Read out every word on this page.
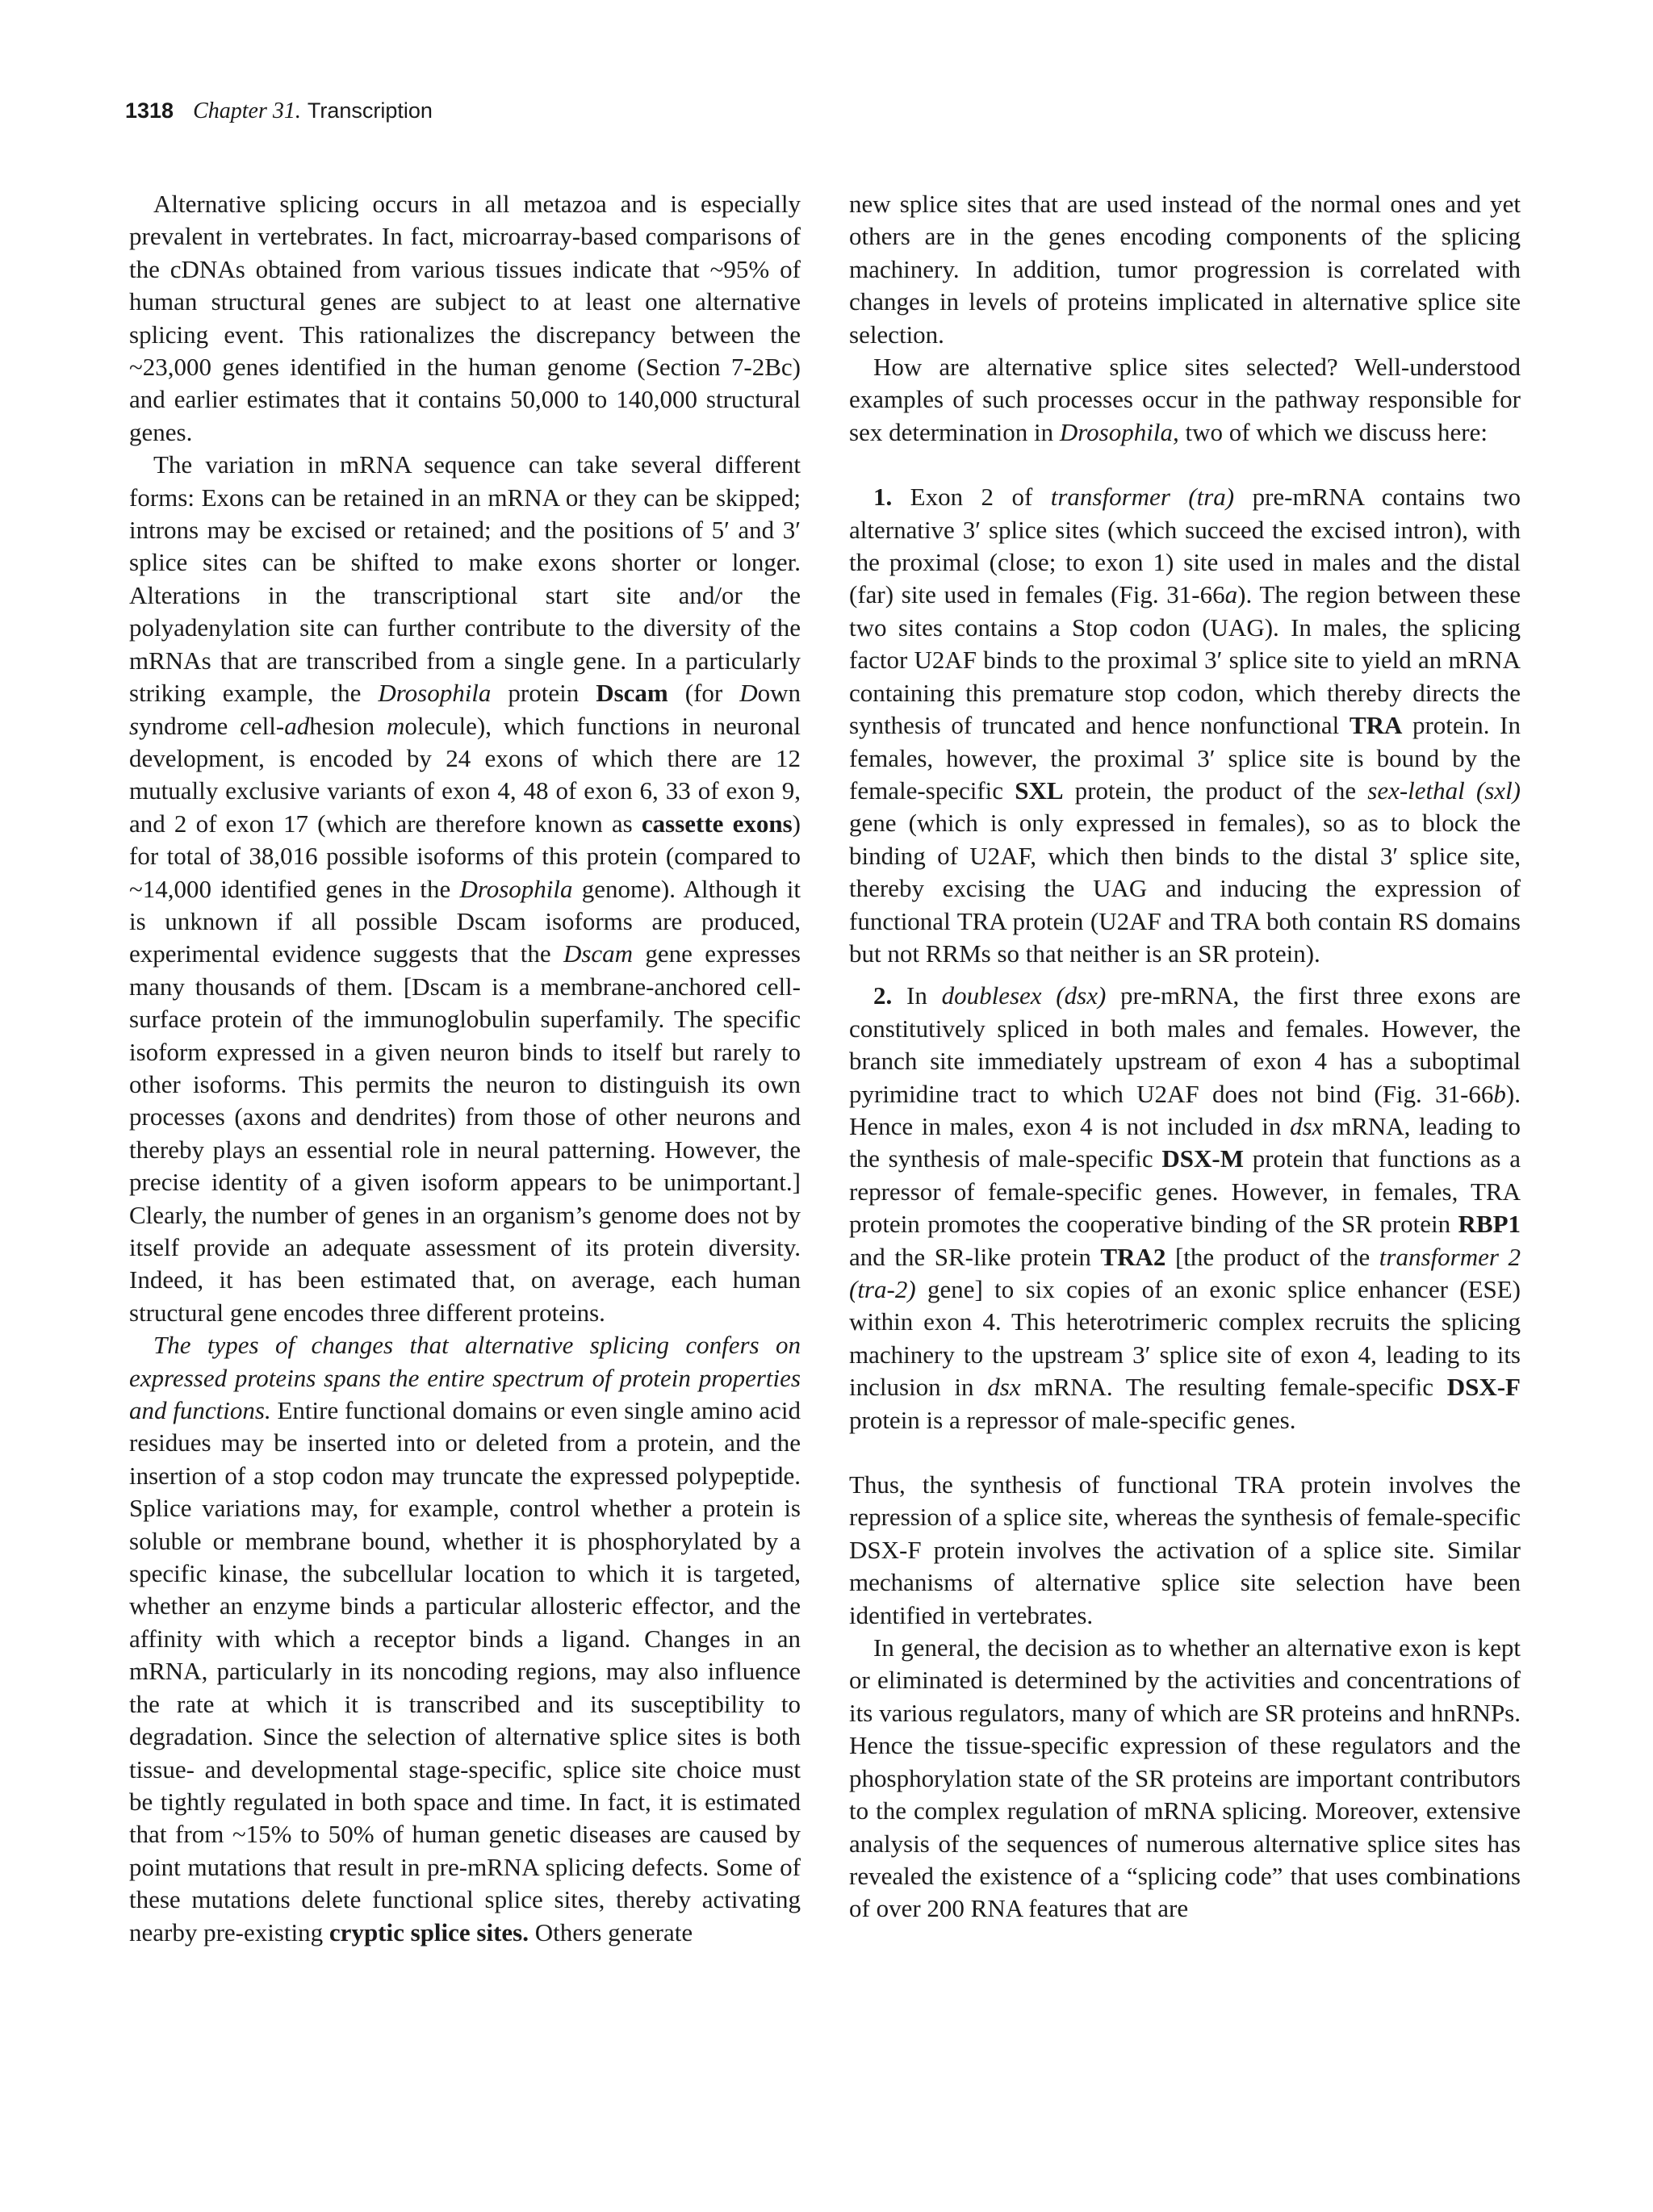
1318 Chapter 31. Transcription

Alternative splicing occurs in all metazoa and is especially prevalent in vertebrates. In fact, microarray-based comparisons of the cDNAs obtained from various tissues indicate that ~95% of human structural genes are subject to at least one alternative splicing event. This rationalizes the discrepancy between the ~23,000 genes identified in the human genome (Section 7-2Bc) and earlier estimates that it contains 50,000 to 140,000 structural genes.

The variation in mRNA sequence can take several different forms: Exons can be retained in an mRNA or they can be skipped; introns may be excised or retained; and the positions of 5′ and 3′ splice sites can be shifted to make exons shorter or longer. Alterations in the transcriptional start site and/or the polyadenylation site can further contribute to the diversity of the mRNAs that are transcribed from a single gene. In a particularly striking example, the Drosophila protein Dscam (for Down syndrome cell-adhesion molecule), which functions in neuronal development, is encoded by 24 exons of which there are 12 mutually exclusive variants of exon 4, 48 of exon 6, 33 of exon 9, and 2 of exon 17 (which are therefore known as cassette exons) for total of 38,016 possible isoforms of this protein (compared to ~14,000 identified genes in the Drosophila genome). Although it is unknown if all possible Dscam isoforms are produced, experimental evidence suggests that the Dscam gene expresses many thousands of them. [Dscam is a membrane-anchored cell-surface protein of the immunoglobulin superfamily. The specific isoform expressed in a given neuron binds to itself but rarely to other isoforms. This permits the neuron to distinguish its own processes (axons and dendrites) from those of other neurons and thereby plays an essential role in neural patterning. However, the precise identity of a given isoform appears to be unimportant.] Clearly, the number of genes in an organism’s genome does not by itself provide an adequate assessment of its protein diversity. Indeed, it has been estimated that, on average, each human structural gene encodes three different proteins.

The types of changes that alternative splicing confers on expressed proteins spans the entire spectrum of protein properties and functions. Entire functional domains or even single amino acid residues may be inserted into or deleted from a protein, and the insertion of a stop codon may truncate the expressed polypeptide. Splice variations may, for example, control whether a protein is soluble or membrane bound, whether it is phosphorylated by a specific kinase, the subcellular location to which it is targeted, whether an enzyme binds a particular allosteric effector, and the affinity with which a receptor binds a ligand. Changes in an mRNA, particularly in its noncoding regions, may also influence the rate at which it is transcribed and its susceptibility to degradation. Since the selection of alternative splice sites is both tissue- and developmental stage-specific, splice site choice must be tightly regulated in both space and time. In fact, it is estimated that from ~15% to 50% of human genetic diseases are caused by point mutations that result in pre-mRNA splicing defects. Some of these mutations delete functional splice sites, thereby activating nearby pre-existing cryptic splice sites. Others generate

new splice sites that are used instead of the normal ones and yet others are in the genes encoding components of the splicing machinery. In addition, tumor progression is correlated with changes in levels of proteins implicated in alternative splice site selection.

How are alternative splice sites selected? Well-understood examples of such processes occur in the pathway responsible for sex determination in Drosophila, two of which we discuss here:

1. Exon 2 of transformer (tra) pre-mRNA contains two alternative 3′ splice sites (which succeed the excised intron), with the proximal (close; to exon 1) site used in males and the distal (far) site used in females (Fig. 31-66a). The region between these two sites contains a Stop codon (UAG). In males, the splicing factor U2AF binds to the proximal 3′ splice site to yield an mRNA containing this premature stop codon, which thereby directs the synthesis of truncated and hence nonfunctional TRA protein. In females, however, the proximal 3′ splice site is bound by the female-specific SXL protein, the product of the sex-lethal (sxl) gene (which is only expressed in females), so as to block the binding of U2AF, which then binds to the distal 3′ splice site, thereby excising the UAG and inducing the expression of functional TRA protein (U2AF and TRA both contain RS domains but not RRMs so that neither is an SR protein).

2. In doublesex (dsx) pre-mRNA, the first three exons are constitutively spliced in both males and females. However, the branch site immediately upstream of exon 4 has a suboptimal pyrimidine tract to which U2AF does not bind (Fig. 31-66b). Hence in males, exon 4 is not included in dsx mRNA, leading to the synthesis of male-specific DSX-M protein that functions as a repressor of female-specific genes. However, in females, TRA protein promotes the cooperative binding of the SR protein RBP1 and the SR-like protein TRA2 [the product of the transformer 2 (tra-2) gene] to six copies of an exonic splice enhancer (ESE) within exon 4. This heterotrimeric complex recruits the splicing machinery to the upstream 3′ splice site of exon 4, leading to its inclusion in dsx mRNA. The resulting female-specific DSX-F protein is a repressor of male-specific genes.

Thus, the synthesis of functional TRA protein involves the repression of a splice site, whereas the synthesis of female-specific DSX-F protein involves the activation of a splice site. Similar mechanisms of alternative splice site selection have been identified in vertebrates.

In general, the decision as to whether an alternative exon is kept or eliminated is determined by the activities and concentrations of its various regulators, many of which are SR proteins and hnRNPs. Hence the tissue-specific expression of these regulators and the phosphorylation state of the SR proteins are important contributors to the complex regulation of mRNA splicing. Moreover, extensive analysis of the sequences of numerous alternative splice sites has revealed the existence of a “splicing code” that uses combinations of over 200 RNA features that are
